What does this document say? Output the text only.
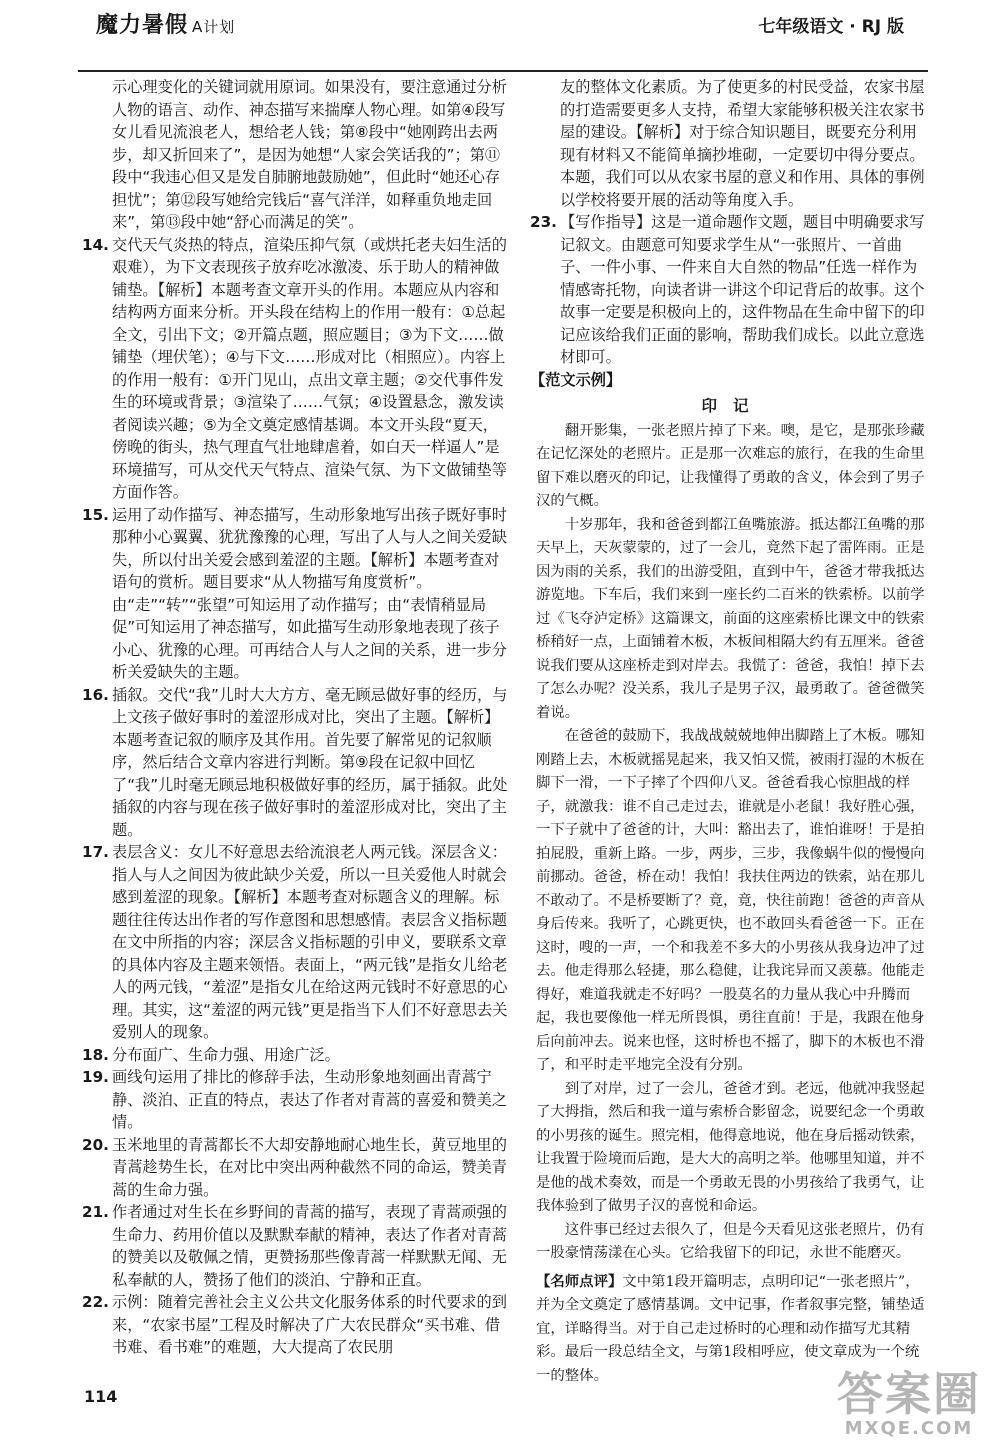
魔力暑假 A计划	七年级语文 · RJ 版
示心理变化的关键词就用原词。如果没有，要注意通过分析人物的语言、动作、神态描写来揣摩人物心理。如第④段写女儿看见流浪老人，想给老人钱；第⑧段中“她刚跨出去两步，却又折回来了”，是因为她想“人家会笑话我的”；第⑪段中“我违心但又是发自肺腑地鼓励她”，但此时“她还心存担忧”；第⑫段写她给完钱后“喜气洋洋，如释重负地走回来”，第⑬段中她“舒心而满足的笑”。
14. 交代天气炎热的特点，渲染压抑气氛（或烘托老夫妇生活的艰难），为下文表现孩子放弃吃冰激凌、乐于助人的精神做铺垫。【解析】本题考查文章开头的作用。本题应从内容和结构两方面来分析。开头段在结构上的作用一般有：①总起全文，引出下文；②开篇点题，照应题目；③为下文……做铺垫（埋伏笔）；④与下文……形成对比（相照应）。内容上的作用一般有：①开门见山，点出文章主题；②交代事件发生的环境或背景；③渲染了……气氛；④设置悬念，激发读者阅读兴趣；⑤为全文奠定感情基调。本文开头段“夏天，傍晚的街头，热气理直气壮地肆虐着，如白天一样逼人”是环境描写，可从交代天气特点、渲染气氛、为下文做铺垫等方面作答。
15. 运用了动作描写、神态描写，生动形象地写出孩子既好事时那种小心翼翼、犹犹豫豫的心理，写出了人与人之间关爱缺失，所以付出关爱会感到羞涩的主题。【解析】本题考查对语句的赏析。题目要求“从人物描写角度赏析”。由“走”“转”“张望”可知运用了动作描写；由“表情稍显局促”可知运用了神态描写，如此描写生动形象地表现了孩子小心、犹豫的心理。可再结合人与人之间的关系，进一步分析关爱缺失的主题。
16. 插叙。交代“我”儿时大大方方、毫无顾忌做好事的经历，与上文孩子做好事时的羞涩形成对比，突出了主题。【解析】本题考查记叙的顺序及其作用。首先要了解常见的记叙顺序，然后结合文章内容进行判断。第⑨段在记叙中回忆了“我”儿时毫无顾忌地积极做好事的经历，属于插叙。此处插叙的内容与现在孩子做好事时的羞涩形成对比，突出了主题。
17. 表层含义：女儿不好意思去给流浪老人两元钱。深层含义：指人与人之间因为彼此缺少关爱，所以一旦关爱他人时就会感到羞涩的现象。【解析】本题考查对标题含义的理解。标题往往传达出作者的写作意图和思想感情。表层含义指标题在文中所指的内容；深层含义指标题的引申义，要联系文章的具体内容及主题来领悟。表面上，“两元钱”是指女儿给老人的两元钱，“羞涩”是指女儿在给这两元钱时不好意思的心理。其实，这“羞涩的两元钱”更是指当下人们不好意思去关爱别人的现象。
18. 分布面广、生命力强、用途广泛。
19. 画线句运用了排比的修辞手法，生动形象地刻画出青蒿宁静、淡泊、正直的特点，表达了作者对青蒿的喜爱和赞美之情。
20. 玉米地里的青蒿都长不大却安静地耐心地生长，黄豆地里的青蒿趁势生长，在对比中突出两种截然不同的命运，赞美青蒿的生命力强。
21. 作者通过对生长在乡野间的青蒿的描写，表现了青蒿顽强的生命力、药用价值以及默默奉献的精神，表达了作者对青蒿的赞美以及敬佩之情，更赞扬那些像青蒿一样默默无闻、无私奉献的人，赞扬了他们的淡泊、宁静和正直。
22. 示例：随着完善社会主义公共文化服务体系的时代要求的到来，“农家书屋”工程及时解决了广大农民群众“买书难、借书难、看书难”的难题，大大提高了农民朋
友的整体文化素质。为了使更多的村民受益，农家书屋的打造需要更多人支持，希望大家能够积极关注农家书屋的建设。【解析】对于综合知识题目，既要充分利用现有材料又不能简单摘抄堆砌，一定要切中得分要点。本题，我们可以从农家书屋的意义和作用、具体的事例以学校将要开展的活动等角度入手。
23. 【写作指导】这是一道命题作文题，题目中明确要求写记叙文。由题意可知要求学生从“一张照片、一首曲子、一件小事、一件来自大自然的物品”任选一样作为情感寄托物，向读者讲一讲这个印记背后的故事。这个故事一定要是积极向上的，这件物品在生命中留下的印记应该给我们正面的影响，帮助我们成长。以此立意选材即可。
【范文示例】
印记

翻开影集，一张老照片掉了下来。噢，是它，是那张珍藏在记忆深处的老照片。正是那一次难忘的旅行，在我的生命里留下难以磨灭的印记，让我懂得了勇敢的含义，体会到了男子汉的气概。

十岁那年，我和爸爸到都江鱼嘴旅游。抵达都江鱼嘴的那天早上，天灰蒙蒙的，过了一会儿，竟然下起了雷阵雨。正是因为雨的关系，我们的出游受阻，直到中午，爸爸才带我抵达游览地。下车后，我们来到一座长约二百米的铁索桥。以前学过《飞夺泸定桥》这篇课文，前面的这座索桥比课文中的铁索桥稍好一点，上面铺着木板，木板间相隔大约有五厘米。爸爸说我们要从这座桥走到对岸去。我慌了：爸爸，我怕！掉下去了怎么办呢？没关系，我儿子是男子汉，最勇敢了。爸爸微笑着说。

在爸爸的鼓励下，我战战兢兢地伸出脚踏上了木板。哪知刚踏上去，木板就摇晃起来，我又怕又慌，被雨打湿的木板在脚下一滑，一下子摔了个四仰八叉。爸爸看我心惊胆战的样子，就激我：谁不自己走过去，谁就是小老鼠！我好胜心强，一下子就中了爸爸的计，大叫：豁出去了，谁怕谁呀！于是拍拍屁股，重新上路。一步，两步，三步，我像蜗牛似的慢慢向前挪动。爸爸，桥在动！我怕！我扶住两边的铁索，站在那儿不敢动了。不是桥要断了？竟，竟，快往前跑！爸爸的声音从身后传来。我听了，心跳更快，也不敢回头看爸爸一下。正在这时，嗖的一声，一个和我差不多大的小男孩从我身边冲了过去。他走得那么轻捷，那么稳健，让我诧异而又羡慕。他能走得好，难道我就走不好吗？一股莫名的力量从我心中升腾而起，我也要像他一样无所畏惧，勇往直前！于是，我跟在他身后向前冲去。说来也怪，这时桥也不摇了，脚下的木板也不滑了，和平时走平地完全没有分别。

到了对岸，过了一会儿，爸爸才到。老远，他就冲我竖起了大拇指，然后和我一道与索桥合影留念，说要纪念一个勇敢的小男孩的诞生。照完相，他得意地说，他在身后摇动铁索，让我置于险境而后跑，是大大的高明之举。他哪里知道，并不是他的战术奏效，而是一个勇敢无畏的小男孩给了我勇气，让我体验到了做男子汉的喜悦和命运。

这件事已经过去很久了，但是今天看见这张老照片，仍有一股豪情荡漾在心头。它给我留下的印记，永世不能磨灭。

【名师点评】文中第1段开篇明志，点明印记“一张老照片”，并为全文奠定了感情基调。文中记事，作者叙事完整，铺垫适宜，详略得当。对于自己走过桥时的心理和动作描写尤其精彩。最后一段总结全文，与第1段相呼应，使文章成为一个统一的整体。
114	答案圈
MXQE.COM
